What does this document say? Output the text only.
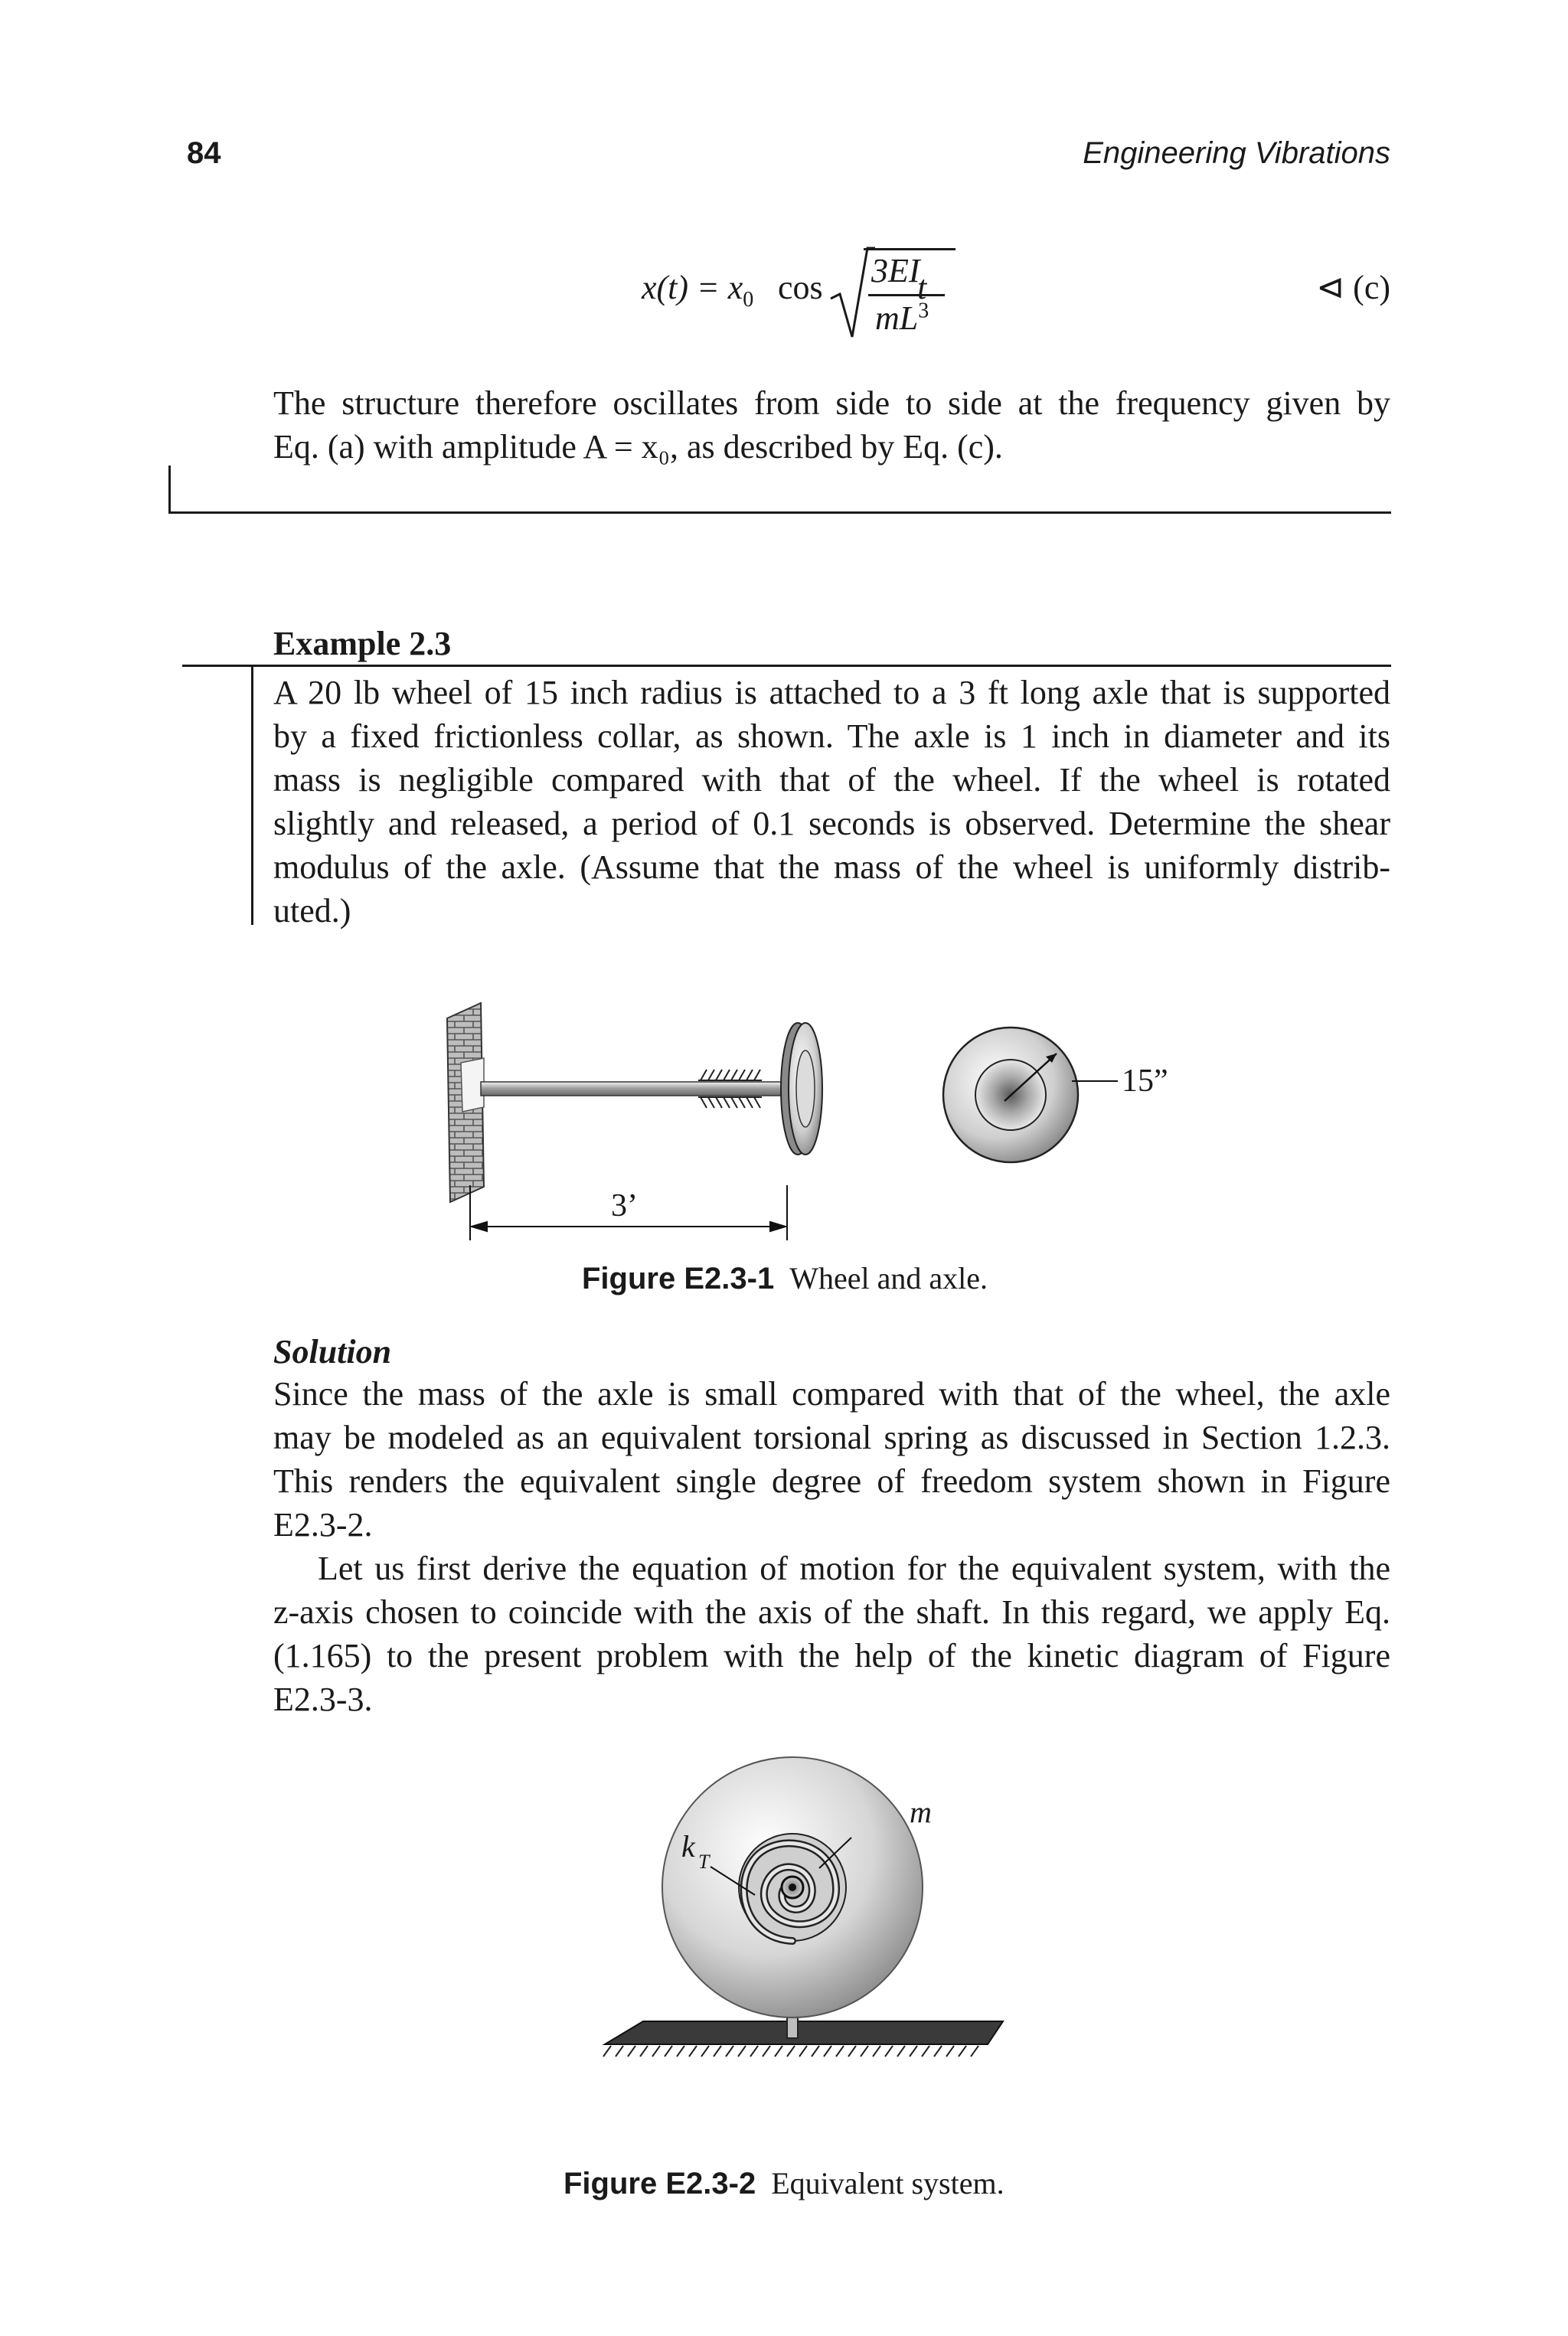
84	Engineering Vibrations
$x(t) = x_0$ cos 3EI
$mL^3$
t	⊲ (c)
The structure therefore oscillates from side to side at the frequency given by
Eq. (a) with amplitude A = x₀, as described by Eq. (c).
Example 2.3
A 20 lb wheel of 15 inch radius is attached to a 3 ft long axle that is supported
by a fixed frictionless collar, as shown. The axle is 1 inch in diameter and its
mass is negligible compared with that of the wheel. If the wheel is rotated
slightly and released, a period of 0.1 seconds is observed. Determine the shear
modulus of the axle. (Assume that the mass of the wheel is uniformly distrib-
uted.)
15”
3’
Figure E2.3-1 Wheel and axle.
Solution
Since the mass of the axle is small compared with that of the wheel, the axle
may be modeled as an equivalent torsional spring as discussed in Section 1.2.3.
This renders the equivalent single degree of freedom system shown in Figure
E2.3-2.
Let us first derive the equation of motion for the equivalent system, with the
z-axis chosen to coincide with the axis of the shaft. In this regard, we apply Eq.
(1.165) to the present problem with the help of the kinetic diagram of Figure
E2.3-3.
k T
m
Figure E2.3-2 Equivalent system.
